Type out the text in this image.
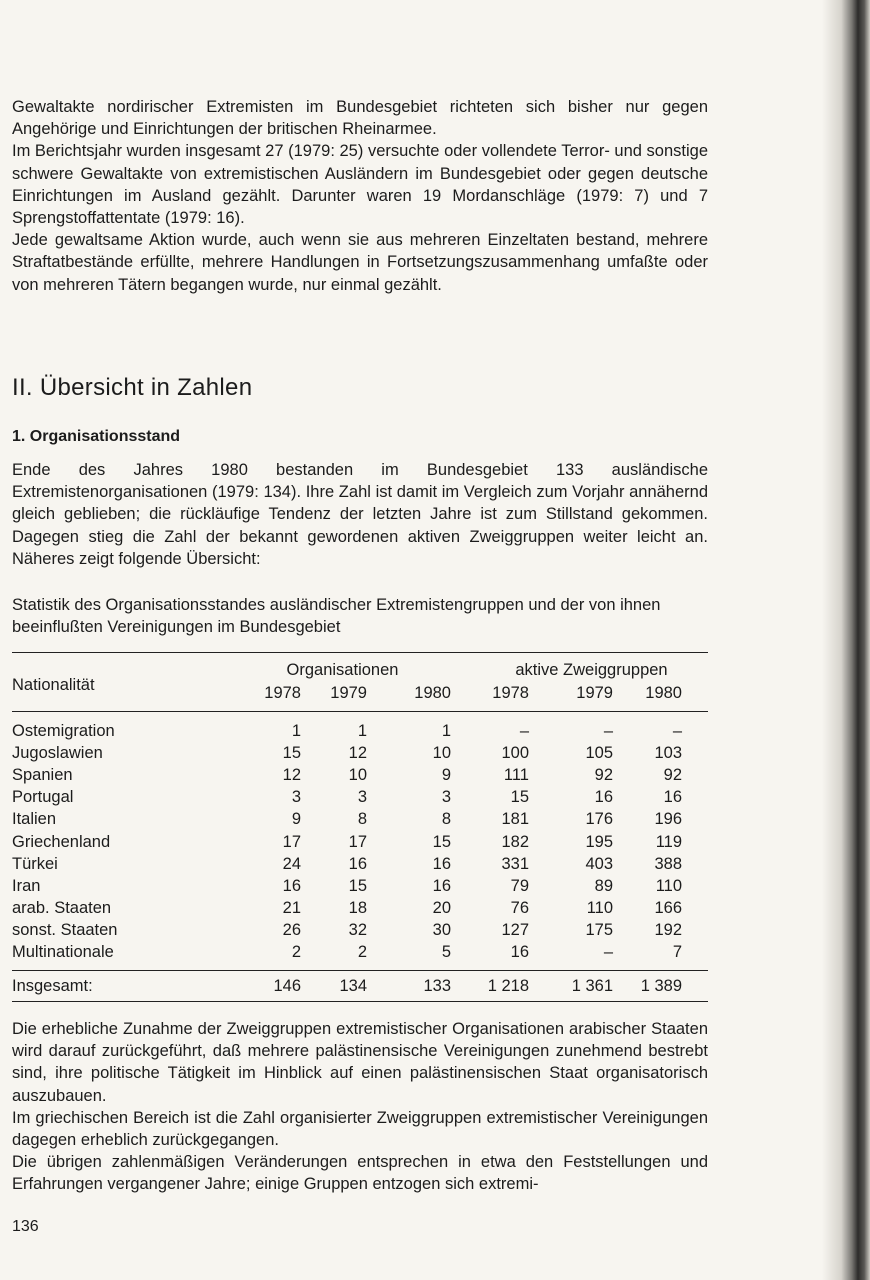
Gewaltakte nordirischer Extremisten im Bundesgebiet richteten sich bisher nur gegen Angehörige und Einrichtungen der britischen Rheinarmee.

Im Berichtsjahr wurden insgesamt 27 (1979: 25) versuchte oder vollendete Terror- und sonstige schwere Gewaltakte von extremistischen Ausländern im Bundesgebiet oder gegen deutsche Einrichtungen im Ausland gezählt. Darunter waren 19 Mordanschläge (1979: 7) und 7 Sprengstoffattentate (1979: 16).

Jede gewaltsame Aktion wurde, auch wenn sie aus mehreren Einzeltaten bestand, mehrere Straftatbestände erfüllte, mehrere Handlungen in Fortsetzungszusammenhang umfaßte oder von mehreren Tätern begangen wurde, nur einmal gezählt.

II. Übersicht in Zahlen
1. Organisationsstand

Ende des Jahres 1980 bestanden im Bundesgebiet 133 ausländische Extremistenorganisationen (1979: 134). Ihre Zahl ist damit im Vergleich zum Vorjahr annähernd gleich geblieben; die rückläufige Tendenz der letzten Jahre ist zum Stillstand gekommen. Dagegen stieg die Zahl der bekannt gewordenen aktiven Zweiggruppen weiter leicht an. Näheres zeigt folgende Übersicht:

Statistik des Organisationsstandes ausländischer Extremistengruppen und der von ihnen beeinflußten Vereinigungen im Bundesgebiet

Nationalität	Organisationen			aktive Zweiggruppen		
	1978	1979	1980	1978	1979	1980
Ostemigration	1	1	1	–	–	–
Jugoslawien	15	12	10	100	105	103
Spanien	12	10	9	111	92	92
Portugal	3	3	3	15	16	16
Italien	9	8	8	181	176	196
Griechenland	17	17	15	182	195	119
Türkei	24	16	16	331	403	388
Iran	16	15	16	79	89	110
arab. Staaten	21	18	20	76	110	166
sonst. Staaten	26	32	30	127	175	192
Multinationale	2	2	5	16	–	7
Insgesamt:	146	134	133	1 218	1 361	1 389

Die erhebliche Zunahme der Zweiggruppen extremistischer Organisationen arabischer Staaten wird darauf zurückgeführt, daß mehrere palästinensische Vereinigungen zunehmend bestrebt sind, ihre politische Tätigkeit im Hinblick auf einen palästinensischen Staat organisatorisch auszubauen.

Im griechischen Bereich ist die Zahl organisierter Zweiggruppen extremistischer Vereinigungen dagegen erheblich zurückgegangen.

Die übrigen zahlenmäßigen Veränderungen entsprechen in etwa den Feststellungen und Erfahrungen vergangener Jahre; einige Gruppen entzogen sich extremi-

136
